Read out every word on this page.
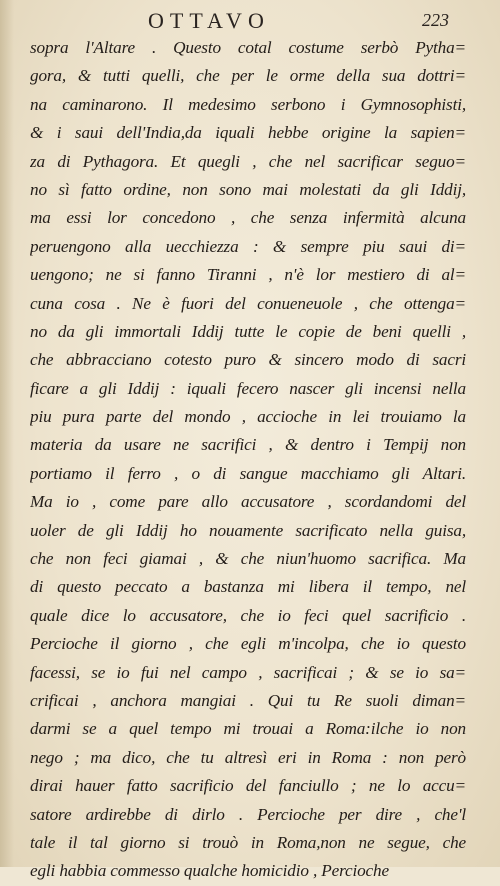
OTTAVO	223
sopra l'Altare . Questo cotal costume serbò Pytha=
gora, & tutti quelli, che per le orme della sua dottri=
na caminarono. Il medesimo serbono i Gymnosophisti,
& i saui dell'India,da iquali hebbe origine la sapien=
za di Pythagora. Et quegli , che nel sacrificar seguo=
no sì fatto ordine, non sono mai molestati da gli Iddij,
ma essi lor concedono , che senza infermità alcuna
peruengono alla uecchiezza : & sempre piu saui di=
uengono; ne si fanno Tiranni , n'è lor mestiero di al=
cuna cosa . Ne è fuori del conueneuole , che ottenga=
no da gli immortali Iddij tutte le copie de beni quelli ,
che abbracciano cotesto puro & sincero modo di sacri
ficare a gli Iddij : iquali fecero nascer gli incensi nella
piu pura parte del mondo , accioche in lei trouiamo la
materia da usare ne sacrifici , & dentro i Tempij non
portiamo il ferro , o di sangue macchiamo gli Altari.
Ma io , come pare allo accusatore , scordandomi del
uoler de gli Iddij ho nouamente sacrificato nella guisa,
che non feci giamai , & che niun'huomo sacrifica. Ma
di questo peccato a bastanza mi libera il tempo, nel
quale dice lo accusatore, che io feci quel sacrificio .
Percioche il giorno , che egli m'incolpa, che io questo
facessi, se io fui nel campo , sacrificai ; & se io sa=
crificai , anchora mangiai . Qui tu Re suoli diman=
darmi se a quel tempo mi trouai a Roma:ilche io non
nego ; ma dico, che tu altresì eri in Roma : non però
dirai hauer fatto sacrificio del fanciullo ; ne lo accu=
satore ardirebbe di dirlo . Percioche per dire , che'l
tale il tal giorno si trouò in Roma,non ne segue, che
egli habbia commesso qualche homicidio , Percioche
